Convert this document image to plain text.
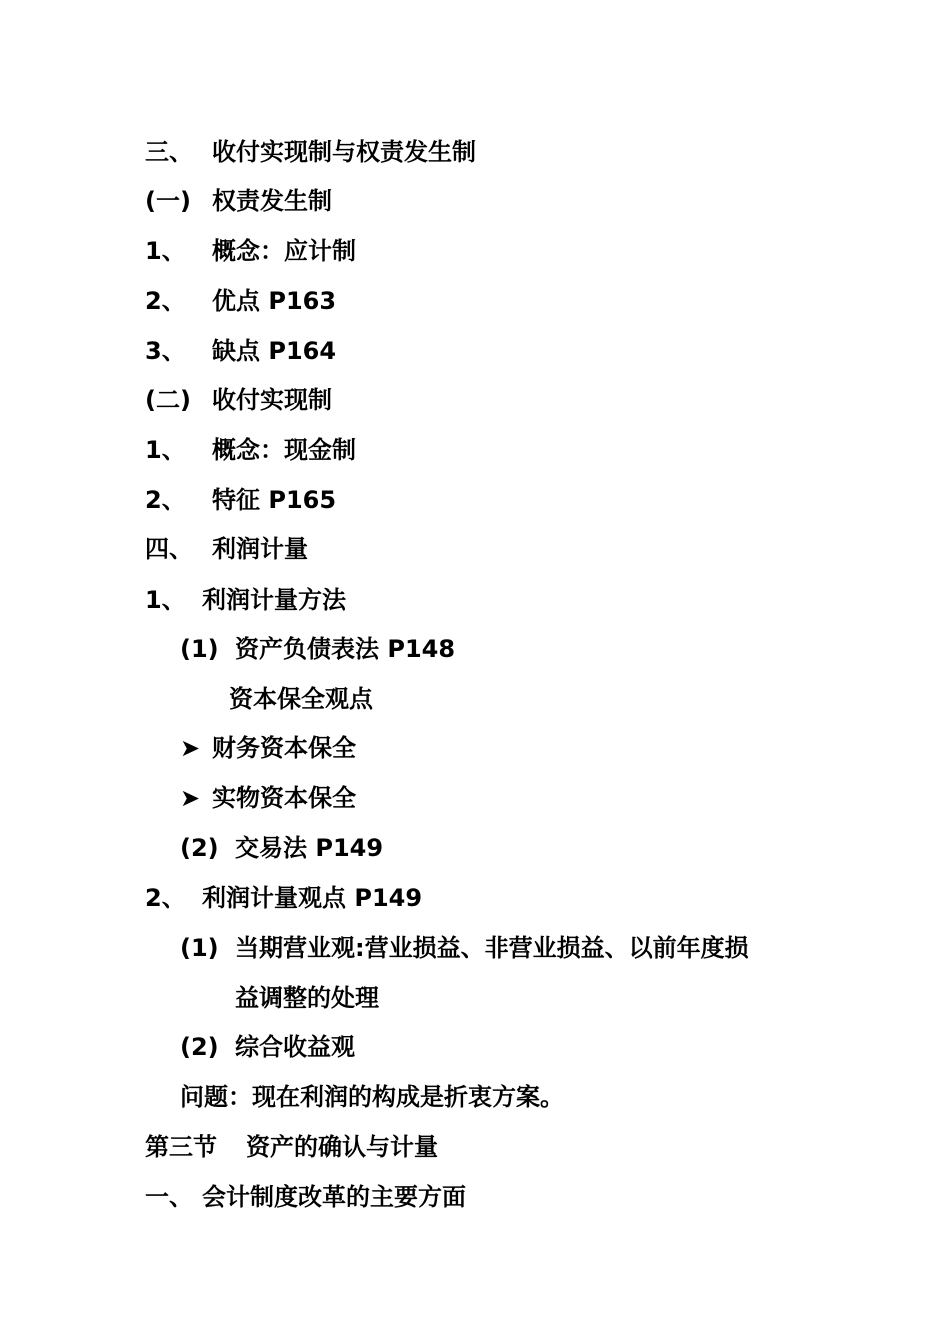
三、 收付实现制与权责发生制
(一) 权责发生制
1、 概念：应计制
2、 优点 P163
3、 缺点 P164
(二) 收付实现制
1、 概念：现金制
2、 特征 P165
四、 利润计量
1、 利润计量方法
(1) 资产负债表法 P148
资本保全观点
➤ 财务资本保全
➤ 实物资本保全
(2) 交易法 P149
2、 利润计量观点 P149
(1) 当期营业观:营业损益、非营业损益、以前年度损
益调整的处理
(2) 综合收益观
问题：现在利润的构成是折衷方案。
第三节 资产的确认与计量
一、 会计制度改革的主要方面
